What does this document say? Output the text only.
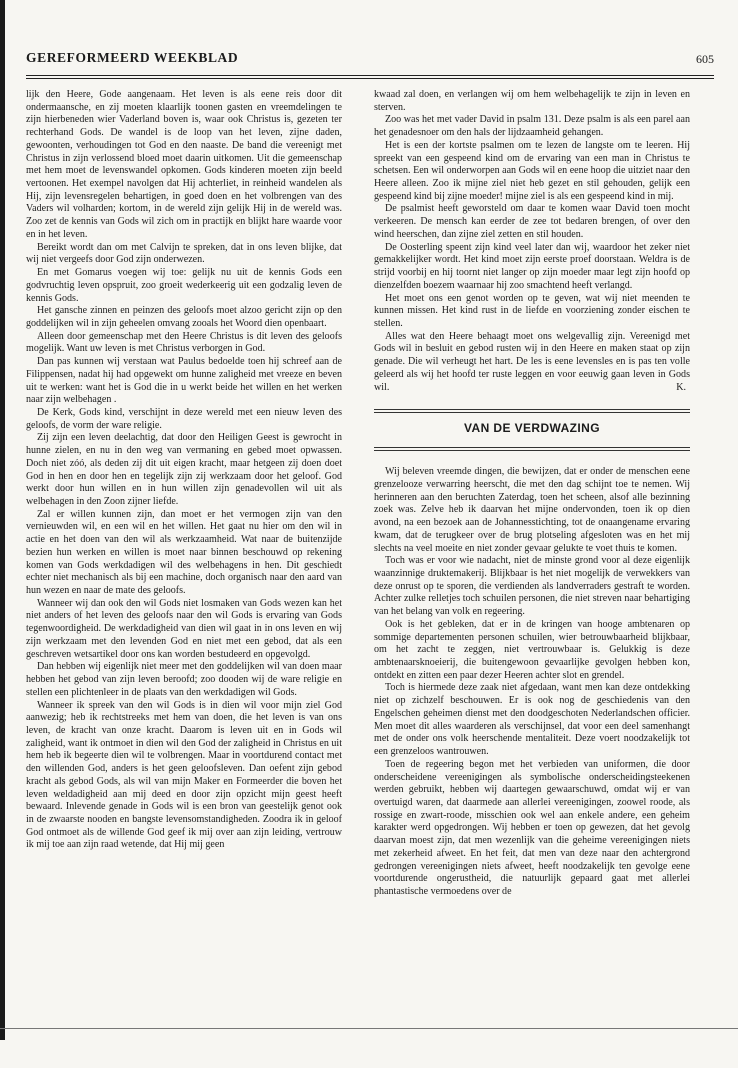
GEREFORMEERD WEEKBLAD	605

lijk den Heere, Gode aangenaam. Het leven is als eene reis door dit ondermaansche, en zij moeten klaarlijk toonen gasten en vreemdelingen te zijn hierbeneden wier Vaderland boven is, waar ook Christus is, gezeten ter rechterhand Gods. De wandel is de loop van het leven, zijne daden, gewoonten, verhoudingen tot God en den naaste. De band die vereenigt met Christus in zijn verlossend bloed moet daarin uitkomen. Uit die gemeenschap met hem moet de levenswandel opkomen. Gods kinderen moeten zijn beeld vertoonen. Het exempel navolgen dat Hij achterliet, in reinheid wandelen als Hij, zijn levensregelen behartigen, in goed doen en het volbrengen van des Vaders wil volharden; kortom, in de wereld zijn gelijk Hij in de wereld was. Zoo zet de kennis van Gods wil zich om in practijk en blijkt hare waarde voor en in het leven.

Bereikt wordt dan om met Calvijn te spreken, dat in ons leven blijke, dat wij niet vergeefs door God zijn onderwezen.

En met Gomarus voegen wij toe: gelijk nu uit de kennis Gods een godvruchtig leven opspruit, zoo groeit wederkeerig uit een godzalig leven de kennis Gods.

Het gansche zinnen en peinzen des geloofs moet alzoo gericht zijn op den goddelijken wil in zijn geheelen omvang zooals het Woord dien openbaart.

Alleen door gemeenschap met den Heere Christus is dit leven des geloofs mogelijk. Want uw leven is met Christus verborgen in God.

Dan pas kunnen wij verstaan wat Paulus bedoelde toen hij schreef aan de Filippensen, nadat hij had opgewekt om hunne zaligheid met vreeze en beven uit te werken: want het is God die in u werkt beide het willen en het werken naar zijn welbehagen .

De Kerk, Gods kind, verschijnt in deze wereld met een nieuw leven des geloofs, de vorm der ware religie.

Zij zijn een leven deelachtig, dat door den Heiligen Geest is gewrocht in hunne zielen, en nu in den weg van vermaning en gebed moet opwassen. Doch niet zóó, als deden zij dit uit eigen kracht, maar hetgeen zij doen doet God in hen en door hen en tegelijk zijn zij werkzaam door het geloof. God werkt door hun willen en in hun willen zijn genadevollen wil uit als welbehagen in den Zoon zijner liefde.

Zal er willen kunnen zijn, dan moet er het vermogen zijn van den vernieuwden wil, en een wil en het willen. Het gaat nu hier om den wil in actie en het doen van den wil als werkzaamheid. Wat naar de buitenzijde bezien hun werken en willen is moet naar binnen beschouwd op rekening komen van Gods werkdadigen wil des welbehagens in hen. Dit geschiedt echter niet mechanisch als bij een machine, doch organisch naar den aard van hun wezen en naar de mate des geloofs.

Wanneer wij dan ook den wil Gods niet losmaken van Gods wezen kan het niet anders of het leven des geloofs naar den wil Gods is ervaring van Gods tegenwoordigheid. De werkdadigheid van dien wil gaat in in ons leven en wij zijn werkzaam met den levenden God en niet met een gebod, dat als een geschreven wetsartikel door ons kan worden bestudeerd en opgevolgd.

Dan hebben wij eigenlijk niet meer met den goddelijken wil van doen maar hebben het gebod van zijn leven beroofd; zoo dooden wij de ware religie en stellen een plichtenleer in de plaats van den werkdadigen wil Gods.

Wanneer ik spreek van den wil Gods is in dien wil voor mijn ziel God aanwezig; heb ik rechtstreeks met hem van doen, die het leven is van ons leven, de kracht van onze kracht. Daarom is leven uit en in Gods wil zaligheid, want ik ontmoet in dien wil den God der zaligheid in Christus en uit hem heb ik begeerte dien wil te volbrengen. Maar in voortdurend contact met den willenden God, anders is het geen geloofsleven. Dan oefent zijn gebod kracht als gebod Gods, als wil van mijn Maker en Formeerder die boven het leven weldadigheid aan mij deed en door zijn opzicht mijn geest heeft bewaard. Inlevende genade in Gods wil is een bron van geestelijk genot ook in de zwaarste nooden en bangste levensomstandigheden. Zoodra ik in geloof God ontmoet als de willende God geef ik mij over aan zijn leiding, vertrouw ik mij toe aan zijn raad wetende, dat Hij mij geen

kwaad zal doen, en verlangen wij om hem welbehagelijk te zijn in leven en sterven.

Zoo was het met vader David in psalm 131. Deze psalm is als een parel aan het genadesnoer om den hals der lijdzaamheid gehangen.

Het is een der kortste psalmen om te lezen de langste om te leeren. Hij spreekt van een gespeend kind om de ervaring van een man in Christus te schetsen. Een wil onderworpen aan Gods wil en eene hoop die uitziet naar den Heere alleen. Zoo ik mijne ziel niet heb gezet en stil gehouden, gelijk een gespeend kind bij zijne moeder! mijne ziel is als een gespeend kind in mij.

De psalmist heeft geworsteld om daar te komen waar David toen mocht verkeeren. De mensch kan eerder de zee tot bedaren brengen, of over den wind heerschen, dan zijne ziel zetten en stil houden.

De Oosterling speent zijn kind veel later dan wij, waardoor het zeker niet gemakkelijker wordt. Het kind moet zijn eerste proef doorstaan. Weldra is de strijd voorbij en hij toornt niet langer op zijn moeder maar legt zijn hoofd op dienzelfden boezem waarnaar hij zoo smachtend heeft verlangd.

Het moet ons een genot worden op te geven, wat wij niet meenden te kunnen missen. Het kind rust in de liefde en voorziening zonder eischen te stellen.

Alles wat den Heere behaagt moet ons welgevallig zijn. Vereenigd met Gods wil in besluit en gebod rusten wij in den Heere en maken staat op zijn genade. Die wil verheugt het hart. De les is eene levensles en is pas ten volle geleerd als wij het hoofd ter ruste leggen en voor eeuwig gaan leven in Gods wil.	K.

VAN DE VERDWAZING

Wij beleven vreemde dingen, die bewijzen, dat er onder de menschen eene grenzelooze verwarring heerscht, die met den dag schijnt toe te nemen. Wij herinneren aan den beruchten Zaterdag, toen het scheen, alsof alle bezinning zoek was. Zelve heb ik daarvan het mijne ondervonden, toen ik op dien avond, na een bezoek aan de Johannesstichting, tot de onaangename ervaring kwam, dat de terugkeer over de brug plotseling afgesloten was en het mij slechts na veel moeite en niet zonder gevaar gelukte te voet thuis te komen.

Toch was er voor wie nadacht, niet de minste grond voor al deze eigenlijk waanzinnige druktemakerij. Blijkbaar is het niet mogelijk de verwekkers van deze onrust op te sporen, die verdienden als landverraders gestraft te worden. Achter zulke relletjes toch schuilen personen, die niet streven naar behartiging van het belang van volk en regeering.

Ook is het gebleken, dat er in de kringen van hooge ambtenaren op sommige departementen personen schuilen, wier betrouwbaarheid blijkbaar, om het zacht te zeggen, niet vertrouwbaar is. Gelukkig is deze ambtenaarsknoeierij, die buitengewoon gevaarlijke gevolgen hebben kon, ontdekt en zitten een paar dezer Heeren achter slot en grendel.

Toch is hiermede deze zaak niet afgedaan, want men kan deze ontdekking niet op zichzelf beschouwen. Er is ook nog de geschiedenis van den Engelschen geheimen dienst met den doodgeschoten Nederlandschen officier. Men moet dit alles waarderen als verschijnsel, dat voor een deel samenhangt met de onder ons volk heerschende mentaliteit. Deze voert noodzakelijk tot een grenzeloos wantrouwen.

Toen de regeering begon met het verbieden van uniformen, die door onderscheidene vereenigingen als symbolische onderscheidingsteekenen werden gebruikt, hebben wij daartegen gewaarschuwd, omdat wij er van overtuigd waren, dat daarmede aan allerlei vereenigingen, zoowel roode, als rossige en zwart-roode, misschien ook wel aan enkele andere, een geheim karakter werd opgedrongen. Wij hebben er toen op gewezen, dat het gevolg daarvan moest zijn, dat men wezenlijk van die geheime vereenigingen niets met zekerheid afweet. En het feit, dat men van deze naar den achtergrond gedrongen vereenigingen niets afweet, heeft noodzakelijk ten gevolge eene voortdurende ongerustheid, die natuurlijk gepaard gaat met allerlei phantastische vermoedens over de
